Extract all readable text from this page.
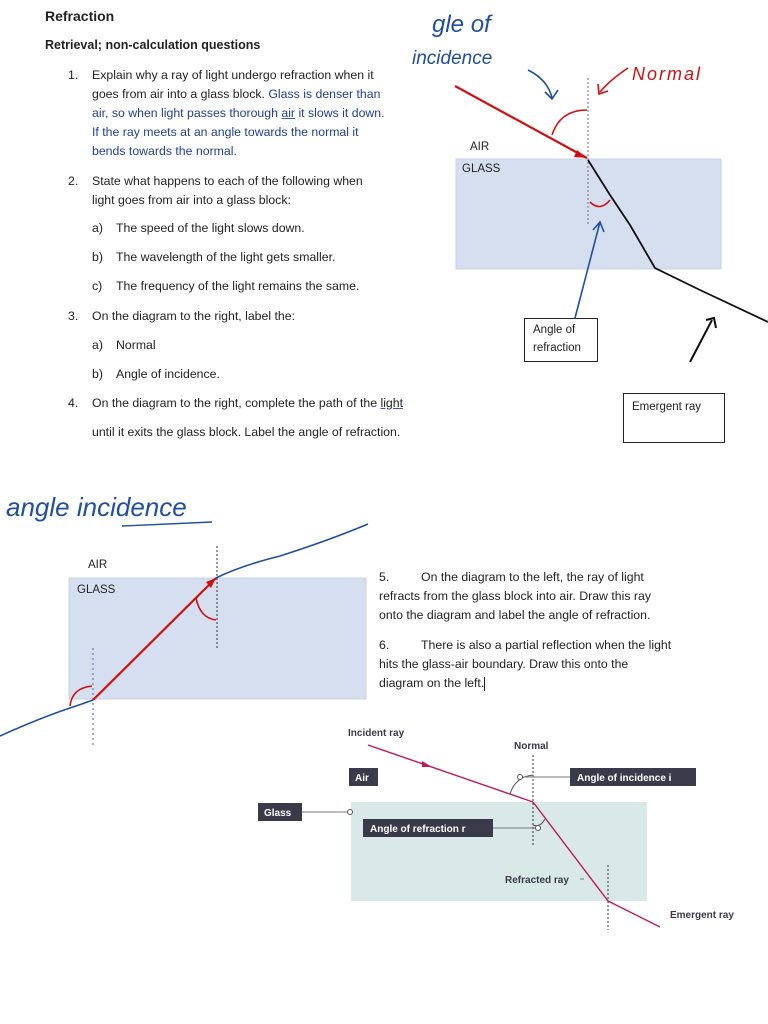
Refraction
Retrieval; non-calculation questions
1. Explain why a ray of light undergo refraction when it
goes from air into a glass block. Glass is denser than
air, so when light passes thorough air it slows it down.
If the ray meets at an angle towards the normal it
bends towards the normal.
2. State what happens to each of the following when
light goes from air into a glass block:
a) The speed of the light slows down.
b) The wavelength of the light gets smaller.
c) The frequency of the light remains the same.
3. On the diagram to the right, label the:
a) Normal
b) Angle of incidence.
4. On the diagram to the right, complete the path of the light
until it exits the glass block. Label the angle of refraction.
gle of
incidence
Normal
AIR
GLASS
Angle of
refraction
Emergent ray
angle incidence
AIR
GLASS
5.	On the diagram to the left, the ray of light
refracts from the glass block into air. Draw this ray
onto the diagram and label the angle of refraction.
6.	There is also a partial reflection when the light
hits the glass-air boundary. Draw this onto the
diagram on the left.
Incident ray
Normal
Air
Glass
Angle of incidence i
Angle of refraction r
Refracted ray
Emergent ray
